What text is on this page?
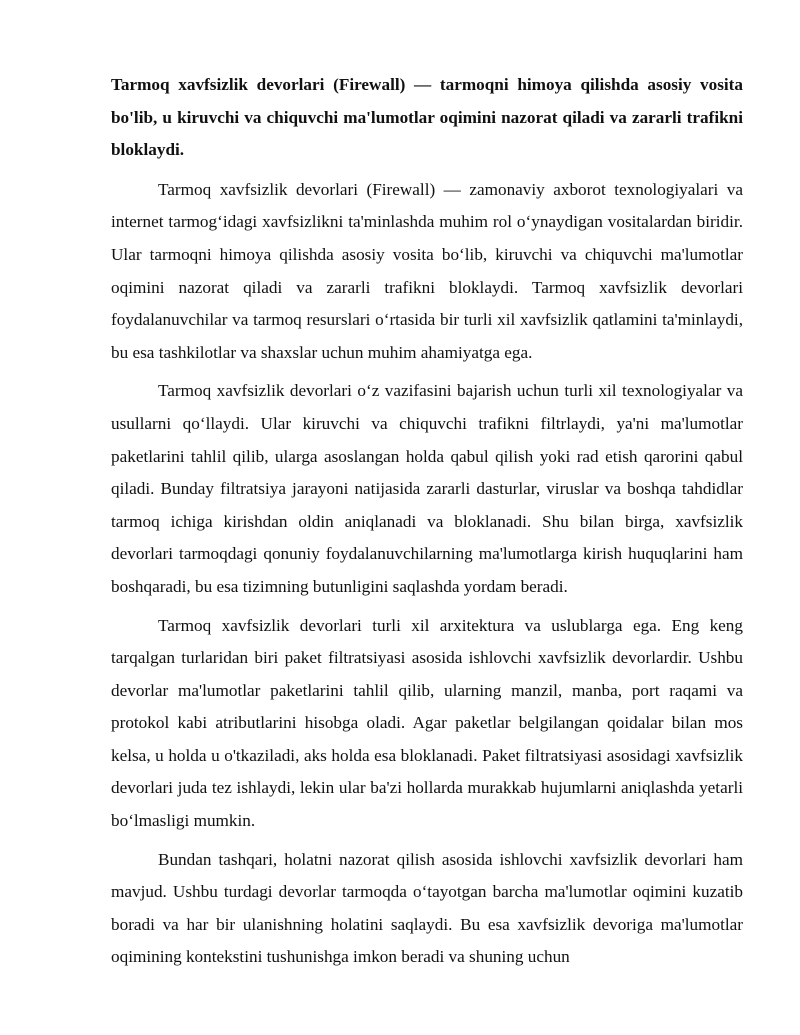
Tarmoq xavfsizlik devorlari (Firewall) — tarmoqni himoya qilishda asosiy vosita bo'lib, u kiruvchi va chiquvchi ma'lumotlar oqimini nazorat qiladi va zararli trafikni bloklaydi.

Tarmoq xavfsizlik devorlari (Firewall) — zamonaviy axborot texnologiyalari va internet tarmog‘idagi xavfsizlikni ta'minlashda muhim rol o‘ynaydigan vositalardan biridir. Ular tarmoqni himoya qilishda asosiy vosita bo‘lib, kiruvchi va chiquvchi ma'lumotlar oqimini nazorat qiladi va zararli trafikni bloklaydi. Tarmoq xavfsizlik devorlari foydalanuvchilar va tarmoq resurslari o‘rtasida bir turli xil xavfsizlik qatlamini ta'minlaydi, bu esa tashkilotlar va shaxslar uchun muhim ahamiyatga ega.

Tarmoq xavfsizlik devorlari o‘z vazifasini bajarish uchun turli xil texnologiyalar va usullarni qo‘llaydi. Ular kiruvchi va chiquvchi trafikni filtrlaydi, ya'ni ma'lumotlar paketlarini tahlil qilib, ularga asoslangan holda qabul qilish yoki rad etish qarorini qabul qiladi. Bunday filtratsiya jarayoni natijasida zararli dasturlar, viruslar va boshqa tahdidlar tarmoq ichiga kirishdan oldin aniqlanadi va bloklanadi. Shu bilan birga, xavfsizlik devorlari tarmoqdagi qonuniy foydalanuvchilarning ma'lumotlarga kirish huquqlarini ham boshqaradi, bu esa tizimning butunligini saqlashda yordam beradi.

Tarmoq xavfsizlik devorlari turli xil arxitektura va uslublarga ega. Eng keng tarqalgan turlaridan biri paket filtratsiyasi asosida ishlovchi xavfsizlik devorlardir. Ushbu devorlar ma'lumotlar paketlarini tahlil qilib, ularning manzil, manba, port raqami va protokol kabi atributlarini hisobga oladi. Agar paketlar belgilangan qoidalar bilan mos kelsa, u holda u o'tkaziladi, aks holda esa bloklanadi. Paket filtratsiyasi asosidagi xavfsizlik devorlari juda tez ishlaydi, lekin ular ba'zi hollarda murakkab hujumlarni aniqlashda yetarli bo‘lmasligi mumkin.

Bundan tashqari, holatni nazorat qilish asosida ishlovchi xavfsizlik devorlari ham mavjud. Ushbu turdagi devorlar tarmoqda o‘tayotgan barcha ma'lumotlar oqimini kuzatib boradi va har bir ulanishning holatini saqlaydi. Bu esa xavfsizlik devoriga ma'lumotlar oqimining kontekstini tushunishga imkon beradi va shuning uchun
